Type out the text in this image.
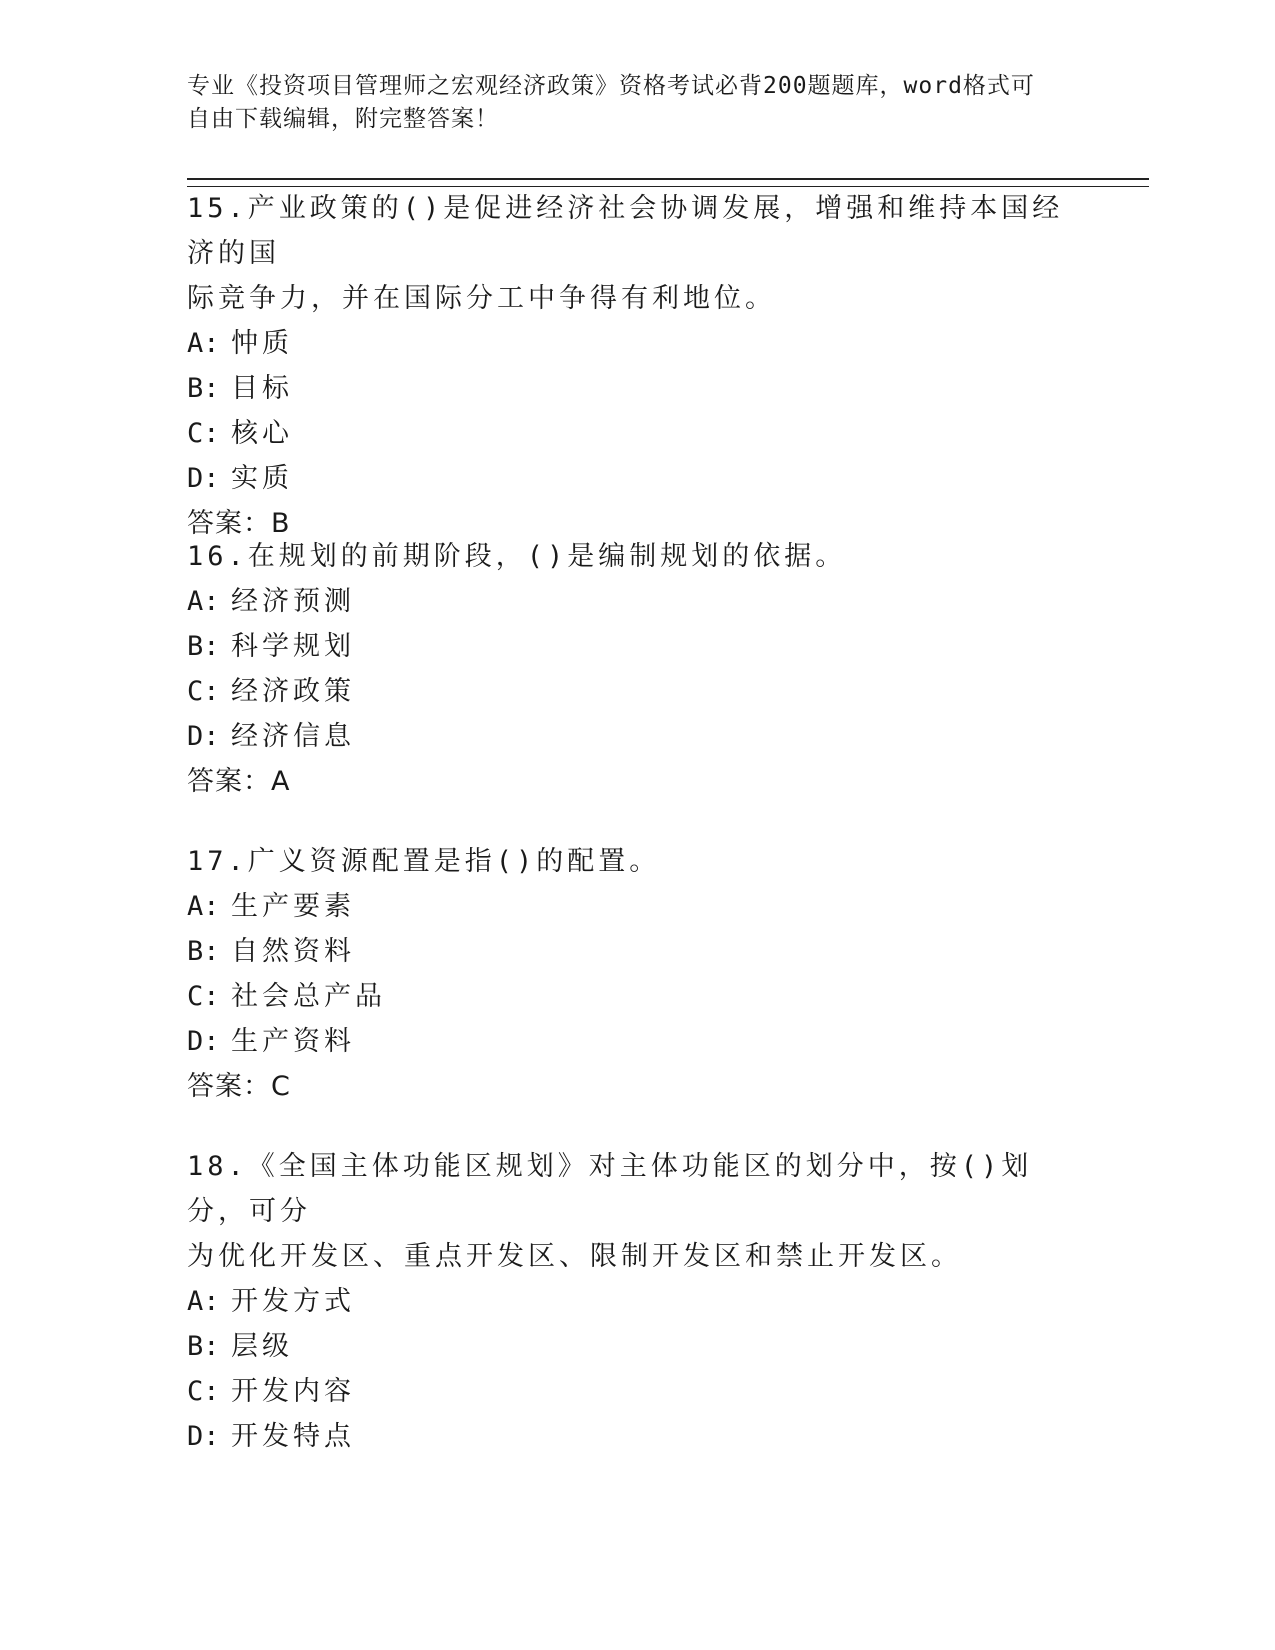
专业《投资项目管理师之宏观经济政策》资格考试必背200题题库，word格式可
自由下载编辑，附完整答案！

15.产业政策的()是促进经济社会协调发展，增强和维持本国经济的国
际竞争力，并在国际分工中争得有利地位。

A: 忡质

B: 目标

C: 核心

D: 实质

答案：B

16.在规划的前期阶段，()是编制规划的依据。

A: 经济预测

B: 科学规划

C: 经济政策

D: 经济信息

答案：A

17.广义资源配置是指()的配置。

A: 生产要素

B: 自然资料

C: 社会总产品

D: 生产资料

答案：C

18.《全国主体功能区规划》对主体功能区的划分中，按()划分，可分
为优化开发区、重点开发区、限制开发区和禁止开发区。

A: 开发方式

B: 层级

C: 开发内容

D: 开发特点
